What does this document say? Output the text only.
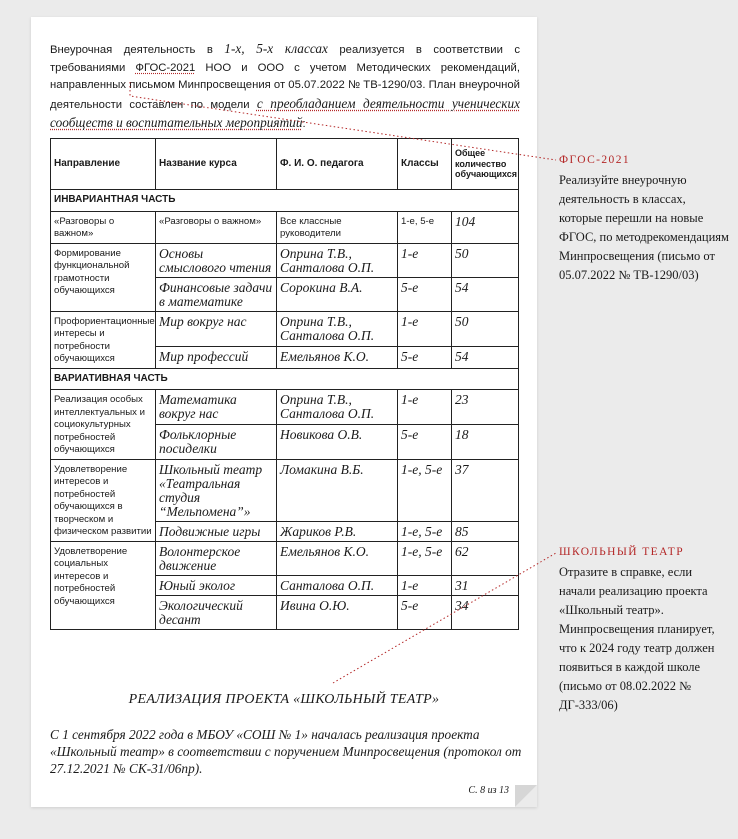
Внеурочная деятельность в 1-х, 5-х классах реализуется в соответствии с требованиями ФГОС-2021 НОО и ООО с учетом Методических рекомендаций, направленных письмом Минпросвещения от 05.07.2022 № ТВ-1290/03. План внеурочной деятельности составлен по модели с преобладанием деятельности ученических сообществ и воспитательных мероприятий:
Направление	Название курса	Ф. И. О. педагога	Классы	Общее количество обучающихся
ИНВАРИАНТНАЯ ЧАСТЬ				
«Разговоры о важном»	«Разговоры о важном»	Все классные руководители	1-е, 5-е	104
Формирование функциональной грамотности обучающихся	Основы смыслового чтения	Оприна Т.В., Санталова О.П.	1-е	50
	Финансовые задачи в математике	Сорокина В.А.	5-е	54
Профориентационные интересы и потребности обучающихся	Мир вокруг нас	Оприна Т.В., Санталова О.П.	1-е	50
	Мир профессий	Емельянов К.О.	5-е	54
ВАРИАТИВНАЯ ЧАСТЬ				
Реализация особых интеллектуальных и социокультурных потребностей обучающихся	Математика вокруг нас	Оприна Т.В., Санталова О.П.	1-е	23
	Фольклорные посиделки	Новикова О.В.	5-е	18
Удовлетворение интересов и потребностей обучающихся в творческом и физическом развитии	Школьный театр «Театральная студия “Мельпомена”»	Ломакина В.Б.	1-е, 5-е	37
	Подвижные игры	Жариков Р.В.	1-е, 5-е	85
Удовлетворение социальных интересов и потребностей обучающихся	Волонтерское движение	Емельянов К.О.	1-е, 5-е	62
	Юный эколог	Санталова О.П.	1-е	31
	Экологический десант	Ивина О.Ю.	5-е	34
РЕАЛИЗАЦИЯ ПРОЕКТА «ШКОЛЬНЫЙ ТЕАТР»
С 1 сентября 2022 года в МБОУ «СОШ № 1» началась реализация проекта «Школьный театр» в соответствии с поручением Минпросвещения (протокол от 27.12.2021 № СК-31/06пр).
С. 8 из 13
ФГОС-2021
Реализуйте внеурочную деятельность в классах, которые перешли на новые ФГОС, по методрекомендациям Минпросвещения (письмо от 05.07.2022 № ТВ-1290/03)
ШКОЛЬНЫЙ ТЕАТР
Отразите в справке, если начали реализацию проекта «Школьный театр». Минпросвещения планирует, что к 2024 году театр должен появиться в каждой школе (письмо от 08.02.2022 № ДГ-333/06)
